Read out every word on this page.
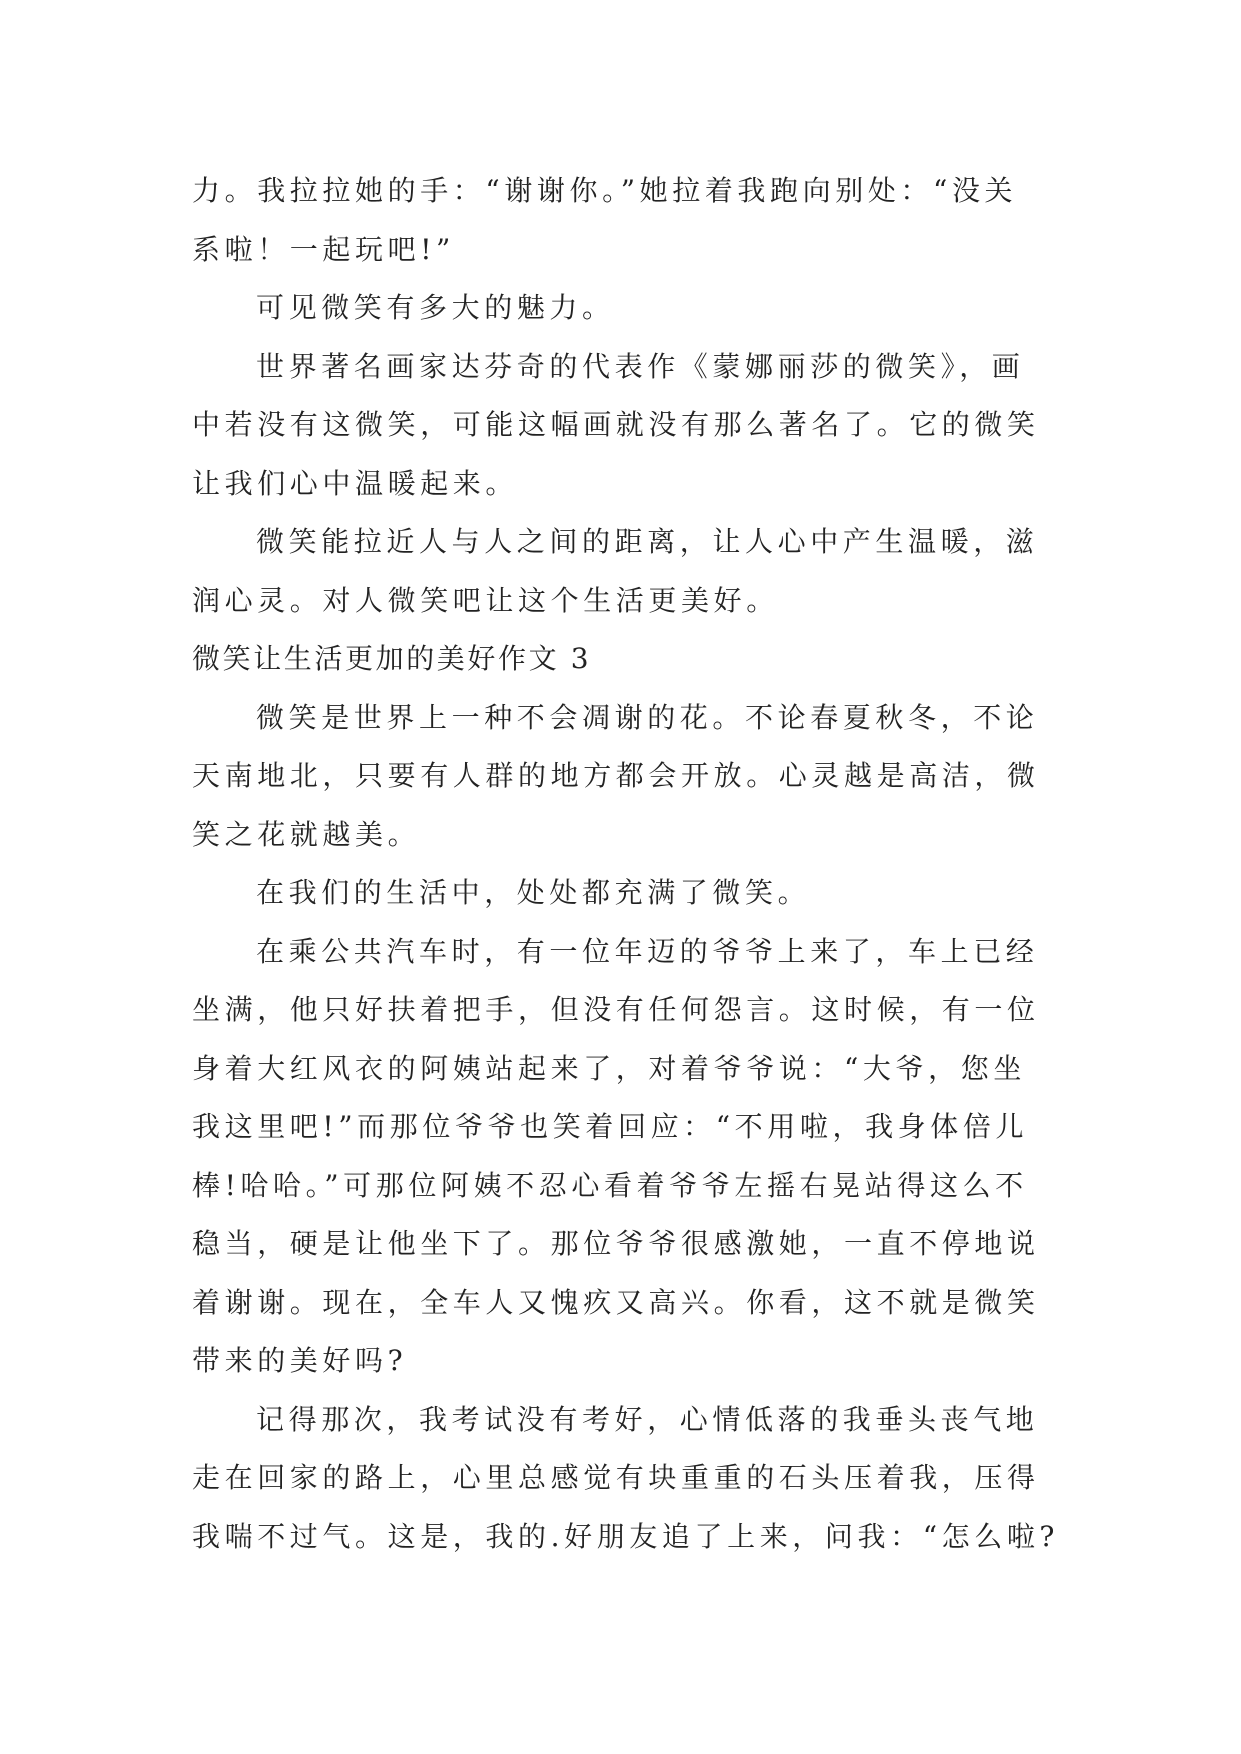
力。我拉拉她的手：“谢谢你。”她拉着我跑向别处：“没关
系啦！一起玩吧!”
可见微笑有多大的魅力。
世界著名画家达芬奇的代表作《蒙娜丽莎的微笑》，画
中若没有这微笑，可能这幅画就没有那么著名了。它的微笑
让我们心中温暖起来。
微笑能拉近人与人之间的距离，让人心中产生温暖，滋
润心灵。对人微笑吧让这个生活更美好。
微笑让生活更加的美好作文 3
微笑是世界上一种不会凋谢的花。不论春夏秋冬，不论
天南地北，只要有人群的地方都会开放。心灵越是高洁，微
笑之花就越美。
在我们的生活中，处处都充满了微笑。
在乘公共汽车时，有一位年迈的爷爷上来了，车上已经
坐满，他只好扶着把手，但没有任何怨言。这时候，有一位
身着大红风衣的阿姨站起来了，对着爷爷说：“大爷，您坐
我这里吧!”而那位爷爷也笑着回应：“不用啦，我身体倍儿
棒!哈哈。”可那位阿姨不忍心看着爷爷左摇右晃站得这么不
稳当，硬是让他坐下了。那位爷爷很感激她，一直不停地说
着谢谢。现在，全车人又愧疚又高兴。你看，这不就是微笑
带来的美好吗?
记得那次，我考试没有考好，心情低落的我垂头丧气地
走在回家的路上，心里总感觉有块重重的石头压着我，压得
我喘不过气。这是，我的.好朋友追了上来，问我：“怎么啦?
